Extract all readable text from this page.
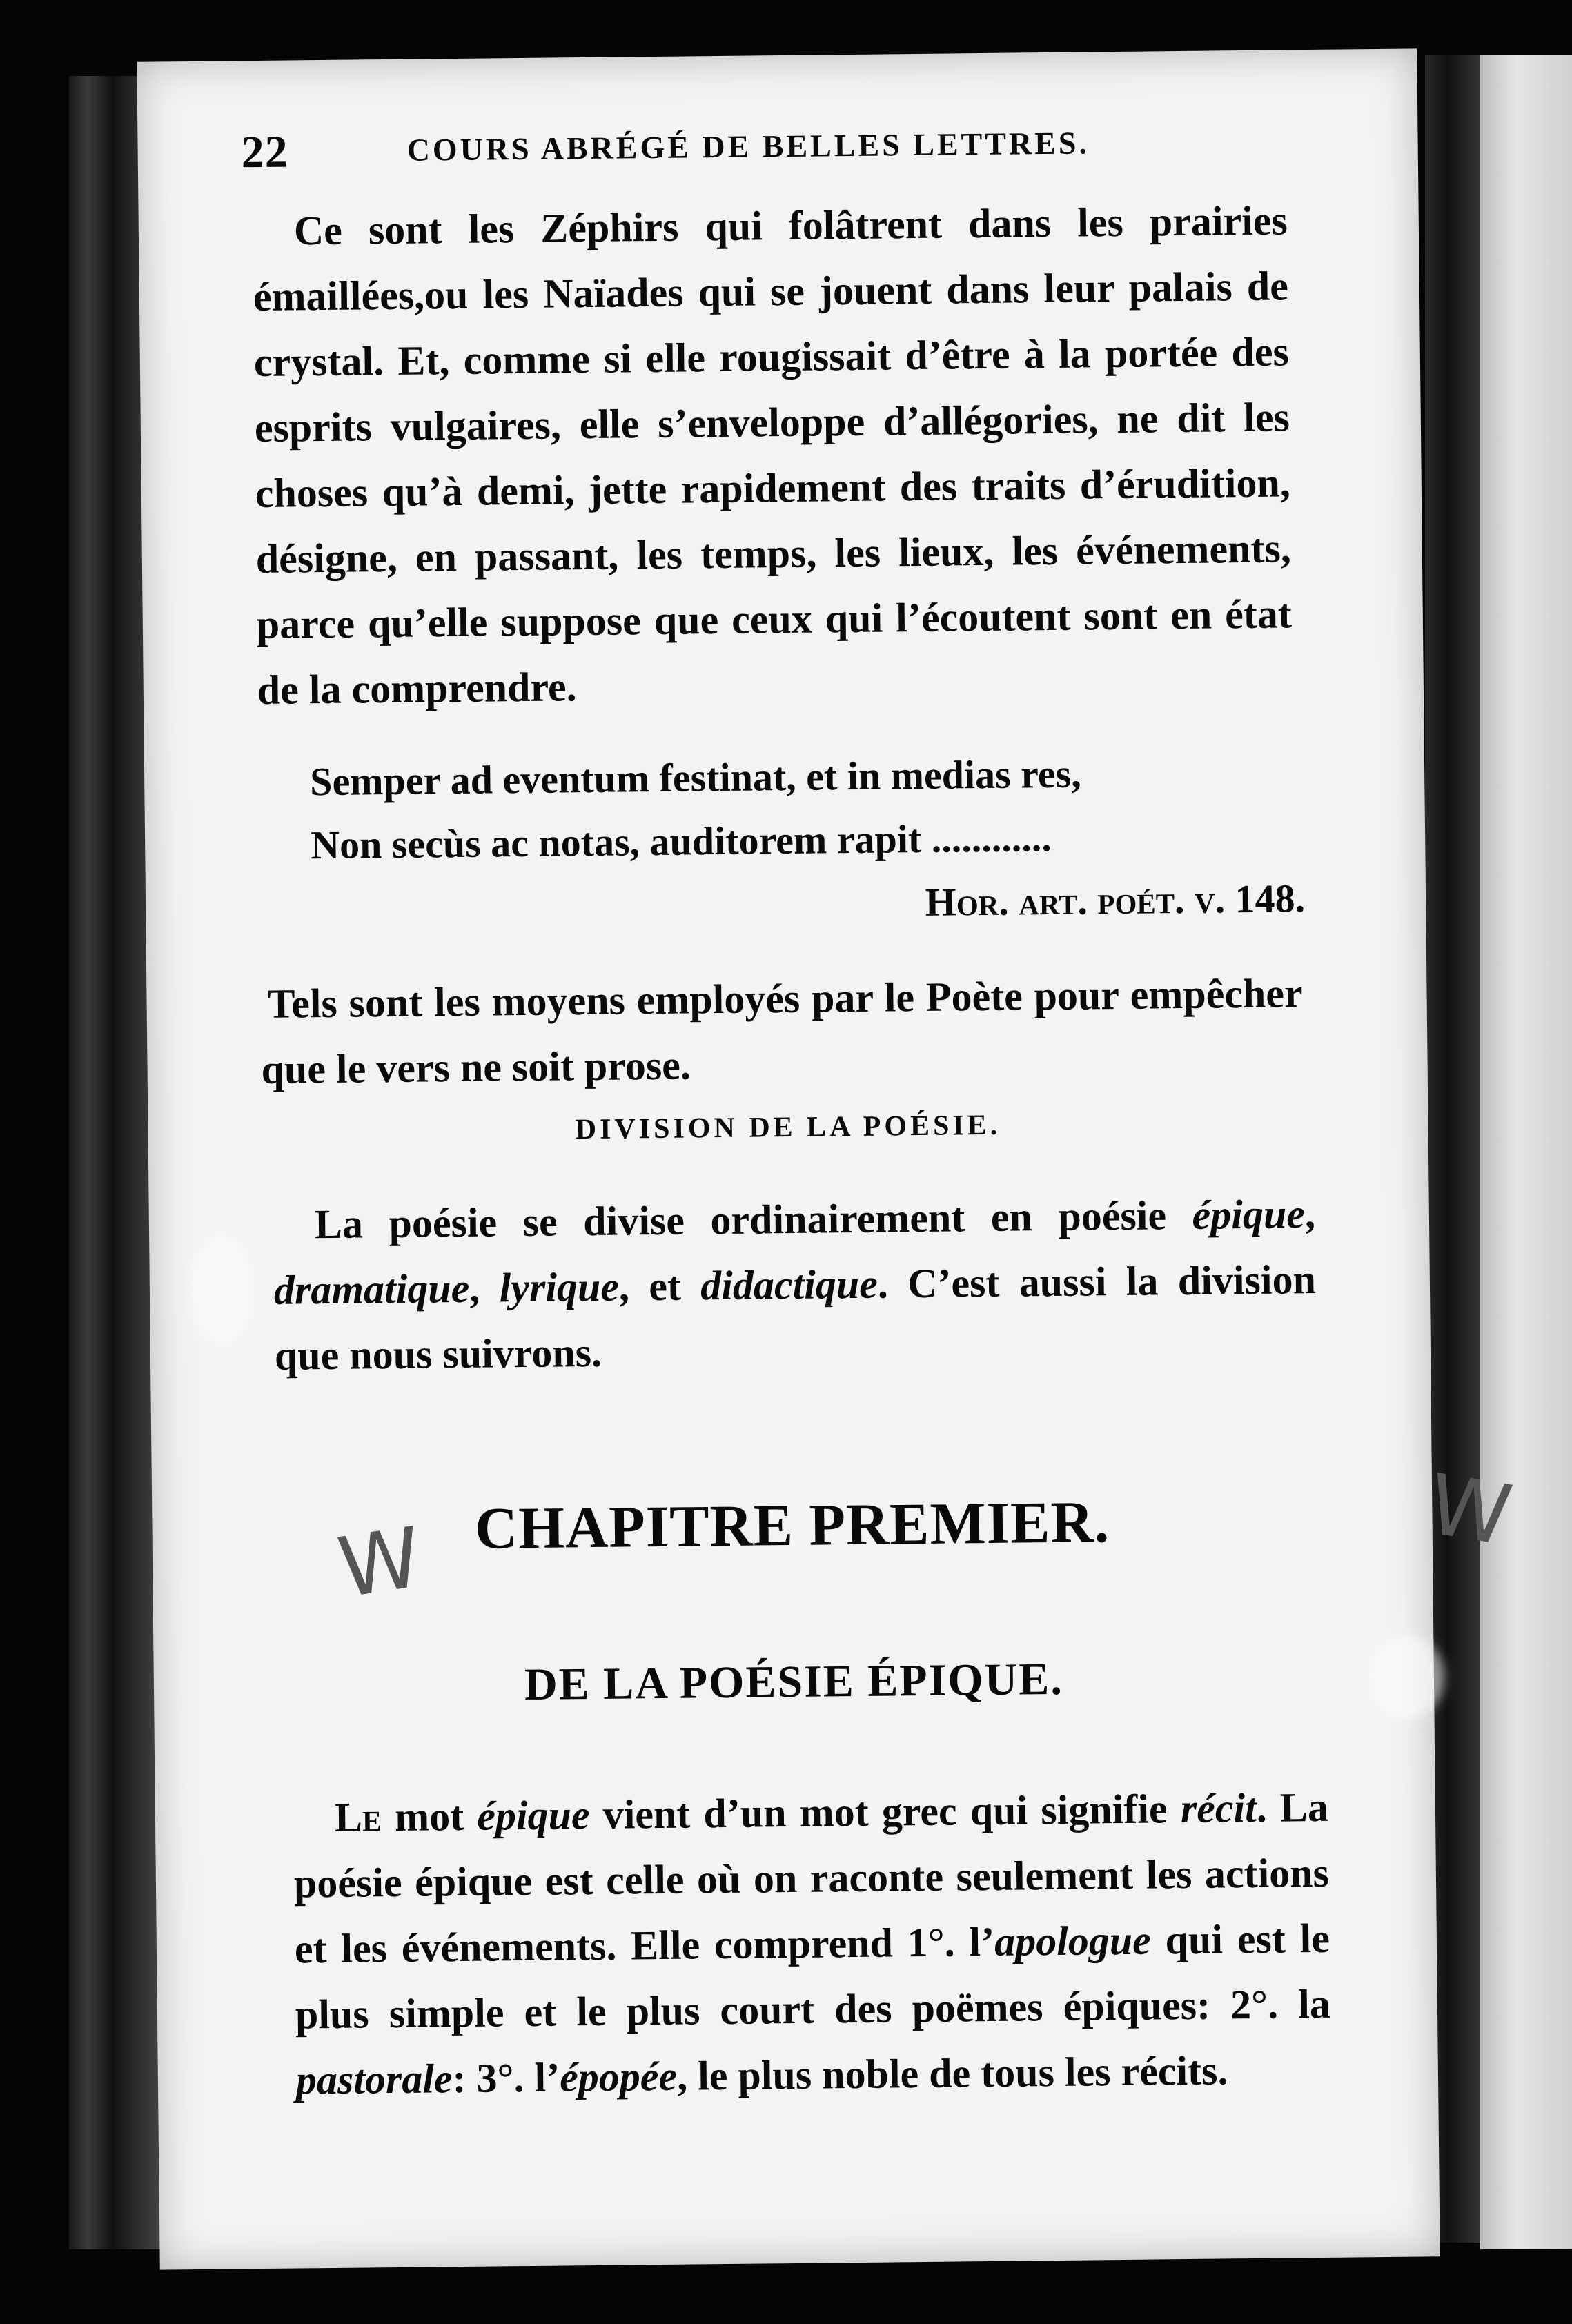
22	COURS ABRÉGÉ DE BELLES LETTRES.

Ce sont les Zéphirs qui folâtrent dans les prairies émaillées,ou les Naïades qui se jouent dans leur palais de crystal. Et, comme si elle rougissait d’être à la portée des esprits vulgaires, elle s’enveloppe d’allégories, ne dit les choses qu’à demi, jette rapidement des traits d’érudition, désigne, en passant, les temps, les lieux, les événements, parce qu’elle suppose que ceux qui l’écoutent sont en état de la comprendre.

Semper ad eventum festinat, et in medias res,
Non secùs ac notas, auditorem rapit ............
Hor. art. poét. v. 148.

Tels sont les moyens employés par le Poète pour empêcher que le vers ne soit prose.

DIVISION DE LA POÉSIE.

La poésie se divise ordinairement en poésie épique, dramatique, lyrique, et didactique. C’est aussi la division que nous suivrons.

CHAPITRE PREMIER.
DE LA POÉSIE ÉPIQUE.

Le mot épique vient d’un mot grec qui signifie récit. La poésie épique est celle où on raconte seulement les actions et les événements. Elle comprend 1°. l’apologue qui est le plus simple et le plus court des poëmes épiques: 2°. la pastorale: 3°. l’épopée, le plus noble de tous les récits.

W	W
